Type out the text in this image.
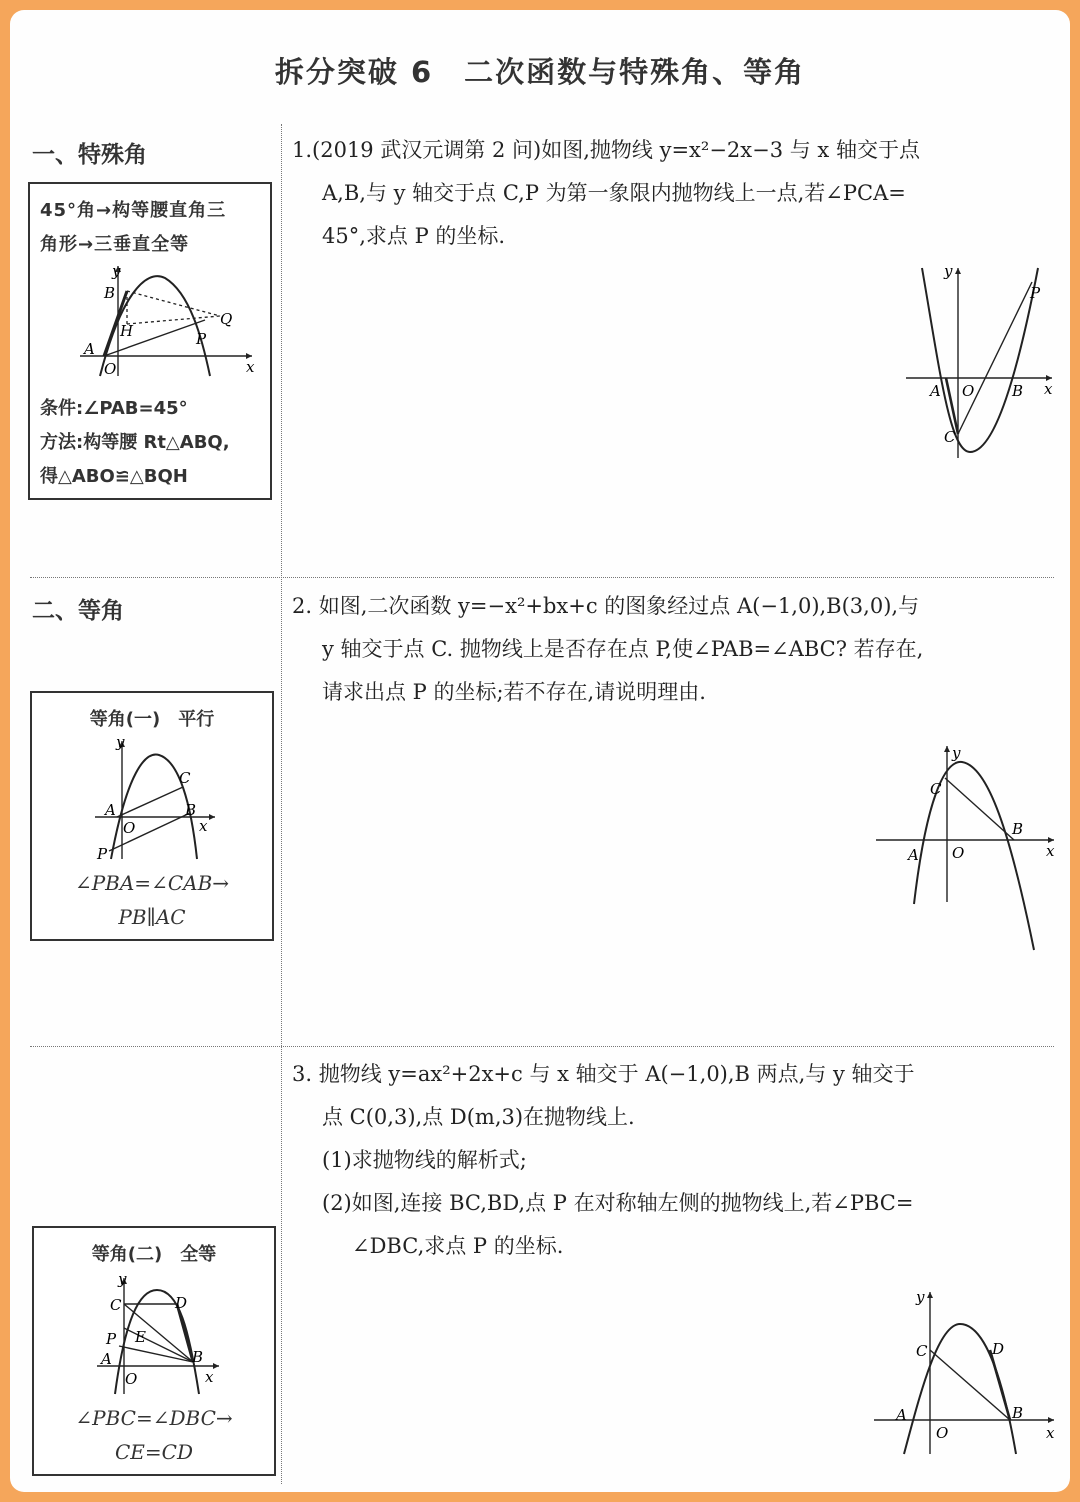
拆分突破 6　二次函数与特殊角、等角
一、特殊角
二、等角
45°角→构等腰直角三
角形→三垂直全等
y
x
O
A
B
H	P
Q
条件:∠PAB=45°
方法:构等腰 Rt△ABQ,
得△ABO≌△BQH
等角(一)　平行
y
x
O
A	B
C
P
∠PBA=∠CAB→
PB∥AC
等角(二)　全等
y
x
O
A	B
C	D
E
P
∠PBC=∠DBC→
CE=CD
1.(2019 武汉元调第 2 问)如图,抛物线 y=x²−2x−3 与 x 轴交于点
A,B,与 y 轴交于点 C,P 为第一象限内抛物线上一点,若∠PCA=
45°,求点 P 的坐标.
y
x
O
A	B
C
P
2. 如图,二次函数 y=−x²+bx+c 的图象经过点 A(−1,0),B(3,0),与
y 轴交于点 C. 抛物线上是否存在点 P,使∠PAB=∠ABC? 若存在,
请求出点 P 的坐标;若不存在,请说明理由.
y
x
O
A
B
C
3. 抛物线 y=ax²+2x+c 与 x 轴交于 A(−1,0),B 两点,与 y 轴交于
点 C(0,3),点 D(m,3)在抛物线上.
(1)求抛物线的解析式;
(2)如图,连接 BC,BD,点 P 在对称轴左侧的抛物线上,若∠PBC=
∠DBC,求点 P 的坐标.
y
x
O
A	B
C	D
